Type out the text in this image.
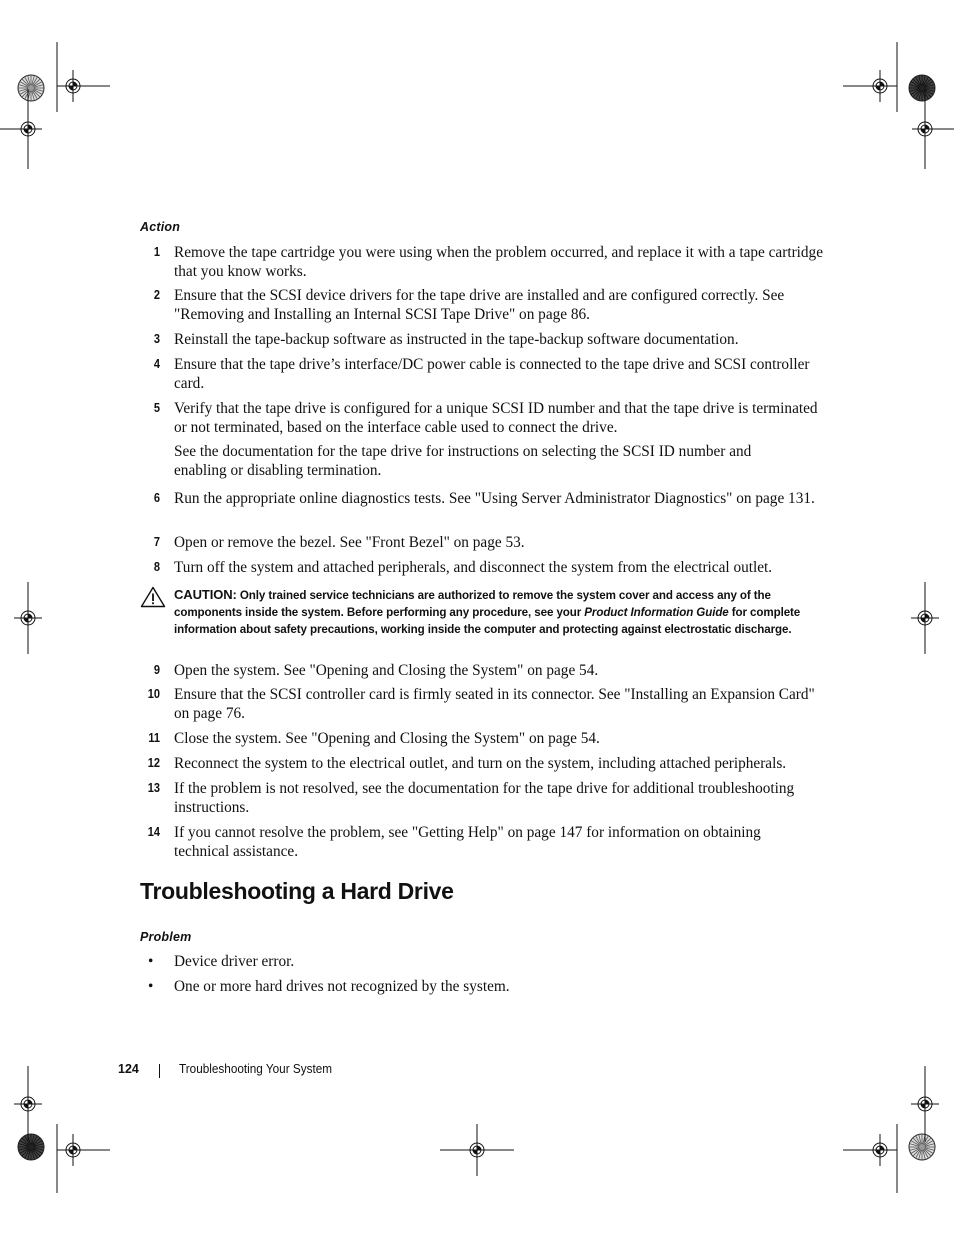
Action
1 Remove the tape cartridge you were using when the problem occurred, and replace it with a tape cartridge that you know works.
2 Ensure that the SCSI device drivers for the tape drive are installed and are configured correctly. See "Removing and Installing an Internal SCSI Tape Drive" on page 86.
3 Reinstall the tape-backup software as instructed in the tape-backup software documentation.
4 Ensure that the tape drive’s interface/DC power cable is connected to the tape drive and SCSI controller card.
5 Verify that the tape drive is configured for a unique SCSI ID number and that the tape drive is terminated or not terminated, based on the interface cable used to connect the drive.
See the documentation for the tape drive for instructions on selecting the SCSI ID number and enabling or disabling termination.
6 Run the appropriate online diagnostics tests. See "Using Server Administrator Diagnostics" on page 131.
7 Open or remove the bezel. See "Front Bezel" on page 53.
8 Turn off the system and attached peripherals, and disconnect the system from the electrical outlet.
CAUTION: Only trained service technicians are authorized to remove the system cover and access any of the components inside the system. Before performing any procedure, see your Product Information Guide for complete information about safety precautions, working inside the computer and protecting against electrostatic discharge.
9 Open the system. See "Opening and Closing the System" on page 54.
10 Ensure that the SCSI controller card is firmly seated in its connector. See "Installing an Expansion Card" on page 76.
11 Close the system. See "Opening and Closing the System" on page 54.
12 Reconnect the system to the electrical outlet, and turn on the system, including attached peripherals.
13 If the problem is not resolved, see the documentation for the tape drive for additional troubleshooting instructions.
14 If you cannot resolve the problem, see "Getting Help" on page 147 for information on obtaining technical assistance.
Troubleshooting a Hard Drive
Problem
• Device driver error.
• One or more hard drives not recognized by the system.
124	Troubleshooting Your System
